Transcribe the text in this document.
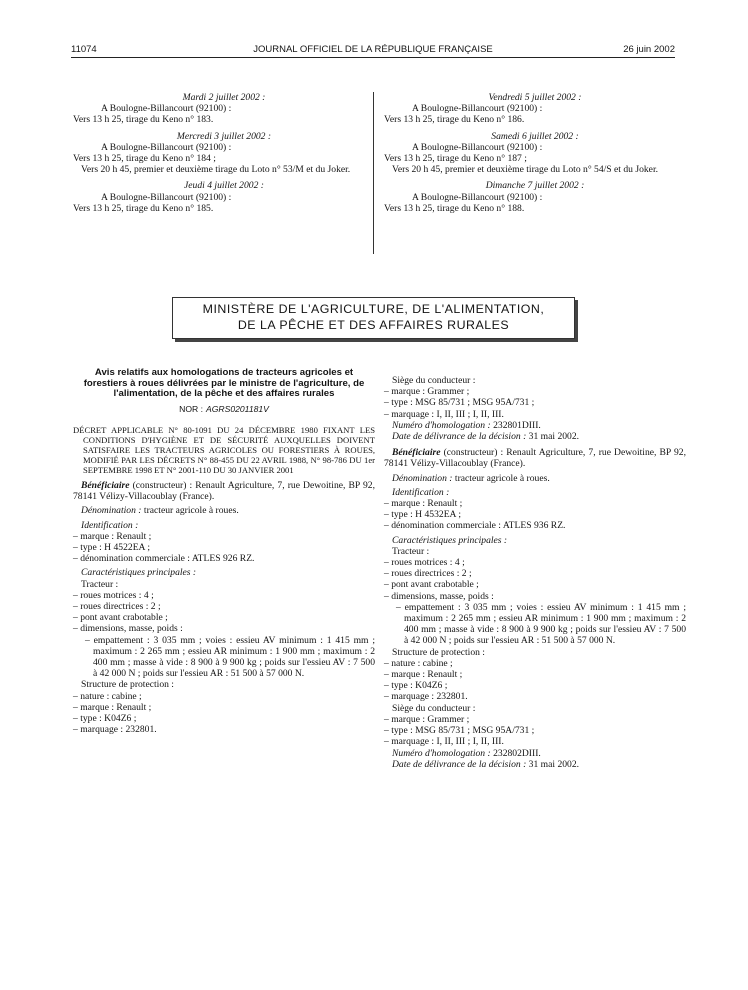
11074	JOURNAL OFFICIEL DE LA RÉPUBLIQUE FRANÇAISE	26 juin 2002

Mardi 2 juillet 2002 :

A Boulogne-Billancourt (92100) :

Vers 13 h 25, tirage du Keno n° 183.

Mercredi 3 juillet 2002 :

A Boulogne-Billancourt (92100) :

Vers 13 h 25, tirage du Keno n° 184 ;

Vers 20 h 45, premier et deuxième tirage du Loto n° 53/M et du Joker.

Jeudi 4 juillet 2002 :

A Boulogne-Billancourt (92100) :

Vers 13 h 25, tirage du Keno n° 185.

Vendredi 5 juillet 2002 :

A Boulogne-Billancourt (92100) :

Vers 13 h 25, tirage du Keno n° 186.

Samedi 6 juillet 2002 :

A Boulogne-Billancourt (92100) :

Vers 13 h 25, tirage du Keno n° 187 ;

Vers 20 h 45, premier et deuxième tirage du Loto n° 54/S et du Joker.

Dimanche 7 juillet 2002 :

A Boulogne-Billancourt (92100) :

Vers 13 h 25, tirage du Keno n° 188.

MINISTÈRE DE L'AGRICULTURE, DE L'ALIMENTATION,
DE LA PÊCHE ET DES AFFAIRES RURALES

Avis relatifs aux homologations de tracteurs agricoles et forestiers à roues délivrées par le ministre de l'agriculture, de l'alimentation, de la pêche et des affaires rurales

NOR : AGRS0201181V

DÉCRET APPLICABLE N° 80-1091 DU 24 DÉCEMBRE 1980 FIXANT LES CONDITIONS D'HYGIÈNE ET DE SÉCURITÉ AUXQUELLES DOIVENT SATISFAIRE LES TRACTEURS AGRICOLES OU FORESTIERS À ROUES, MODIFIÉ PAR LES DÉCRETS N° 88-455 DU 22 AVRIL 1988, N° 98-786 DU 1er SEPTEMBRE 1998 ET N° 2001-110 DU 30 JANVIER 2001

Bénéficiaire (constructeur) : Renault Agriculture, 7, rue Dewoitine, BP 92, 78141 Vélizy-Villacoublay (France).

Dénomination : tracteur agricole à roues.

Identification :

– marque : Renault ;

– type : H 4522EA ;

– dénomination commerciale : ATLES 926 RZ.

Caractéristiques principales :

Tracteur :

– roues motrices : 4 ;

– roues directrices : 2 ;

– pont avant crabotable ;

– dimensions, masse, poids :

– empattement : 3 035 mm ; voies : essieu AV minimum : 1 415 mm ; maximum : 2 265 mm ; essieu AR minimum : 1 900 mm ; maximum : 2 400 mm ; masse à vide : 8 900 à 9 900 kg ; poids sur l'essieu AV : 7 500 à 42 000 N ; poids sur l'essieu AR : 51 500 à 57 000 N.

Structure de protection :

– nature : cabine ;

– marque : Renault ;

– type : K04Z6 ;

– marquage : 232801.

Siège du conducteur :

– marque : Grammer ;

– type : MSG 85/731 ; MSG 95A/731 ;

– marquage : I, II, III ; I, II, III.

Numéro d'homologation : 232801DIII.

Date de délivrance de la décision : 31 mai 2002.

Bénéficiaire (constructeur) : Renault Agriculture, 7, rue Dewoitine, BP 92, 78141 Vélizy-Villacoublay (France).

Dénomination : tracteur agricole à roues.

Identification :

– marque : Renault ;

– type : H 4532EA ;

– dénomination commerciale : ATLES 936 RZ.

Caractéristiques principales :

Tracteur :

– roues motrices : 4 ;

– roues directrices : 2 ;

– pont avant crabotable ;

– dimensions, masse, poids :

– empattement : 3 035 mm ; voies : essieu AV minimum : 1 415 mm ; maximum : 2 265 mm ; essieu AR minimum : 1 900 mm ; maximum : 2 400 mm ; masse à vide : 8 900 à 9 900 kg ; poids sur l'essieu AV : 7 500 à 42 000 N ; poids sur l'essieu AR : 51 500 à 57 000 N.

Structure de protection :

– nature : cabine ;

– marque : Renault ;

– type : K04Z6 ;

– marquage : 232801.

Siège du conducteur :

– marque : Grammer ;

– type : MSG 85/731 ; MSG 95A/731 ;

– marquage : I, II, III ; I, II, III.

Numéro d'homologation : 232802DIII.

Date de délivrance de la décision : 31 mai 2002.
